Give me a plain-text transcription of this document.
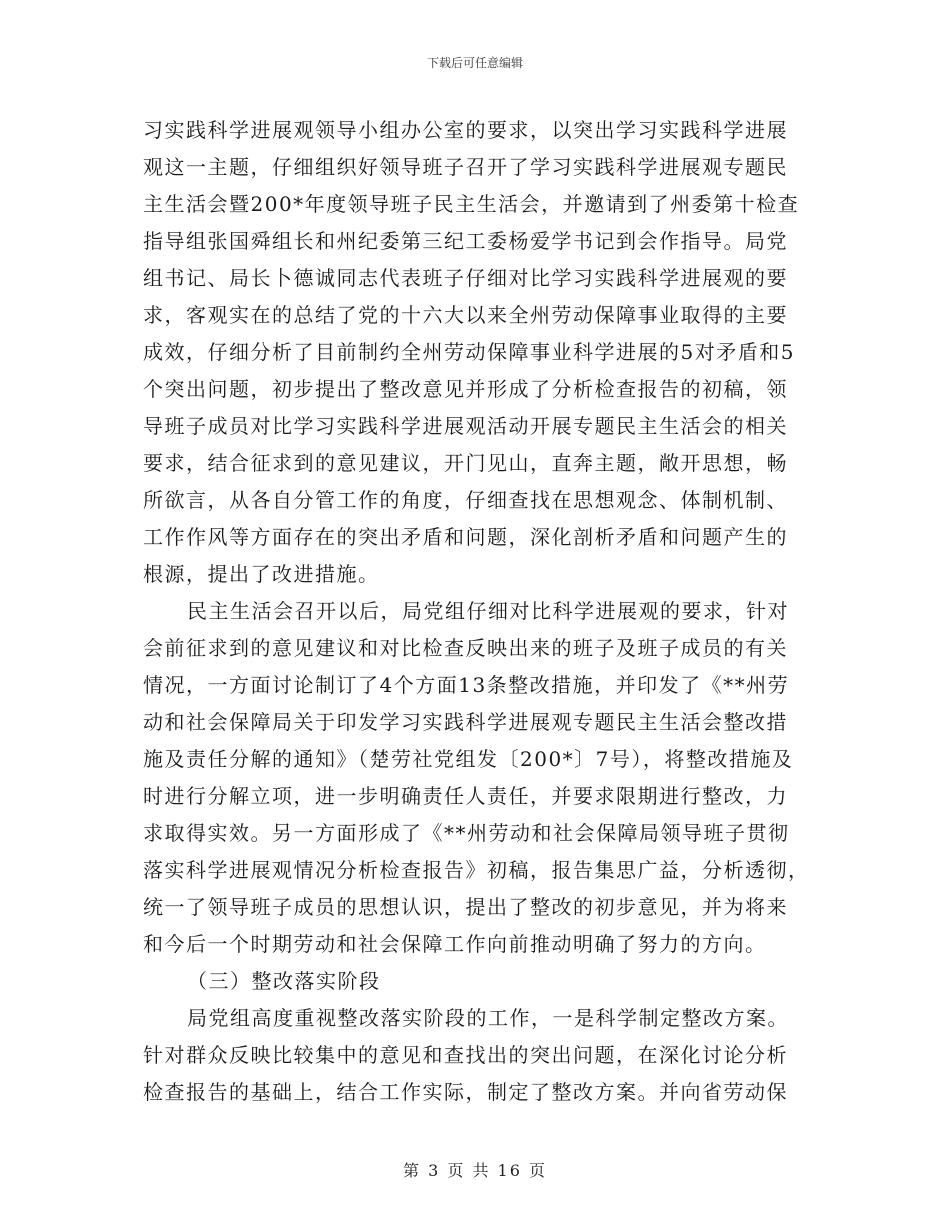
下载后可任意编辑
习实践科学进展观领导小组办公室的要求，以突出学习实践科学进展
观这一主题，仔细组织好领导班子召开了学习实践科学进展观专题民
主生活会暨200*年度领导班子民主生活会，并邀请到了州委第十检查
指导组张国舜组长和州纪委第三纪工委杨爱学书记到会作指导。局党
组书记、局长卜德诚同志代表班子仔细对比学习实践科学进展观的要
求，客观实在的总结了党的十六大以来全州劳动保障事业取得的主要
成效，仔细分析了目前制约全州劳动保障事业科学进展的5对矛盾和5
个突出问题，初步提出了整改意见并形成了分析检查报告的初稿，领
导班子成员对比学习实践科学进展观活动开展专题民主生活会的相关
要求，结合征求到的意见建议，开门见山，直奔主题，敞开思想，畅
所欲言，从各自分管工作的角度，仔细查找在思想观念、体制机制、
工作作风等方面存在的突出矛盾和问题，深化剖析矛盾和问题产生的
根源，提出了改进措施。
民主生活会召开以后，局党组仔细对比科学进展观的要求，针对
会前征求到的意见建议和对比检查反映出来的班子及班子成员的有关
情况，一方面讨论制订了4个方面13条整改措施，并印发了《**州劳
动和社会保障局关于印发学习实践科学进展观专题民主生活会整改措
施及责任分解的通知》（楚劳社党组发〔200*〕7号），将整改措施及
时进行分解立项，进一步明确责任人责任，并要求限期进行整改，力
求取得实效。另一方面形成了《**州劳动和社会保障局领导班子贯彻
落实科学进展观情况分析检查报告》初稿，报告集思广益，分析透彻，
统一了领导班子成员的思想认识，提出了整改的初步意见，并为将来
和今后一个时期劳动和社会保障工作向前推动明确了努力的方向。
（三）整改落实阶段
局党组高度重视整改落实阶段的工作，一是科学制定整改方案。
针对群众反映比较集中的意见和查找出的突出问题，在深化讨论分析
检查报告的基础上，结合工作实际，制定了整改方案。并向省劳动保
第 3 页 共 16 页
